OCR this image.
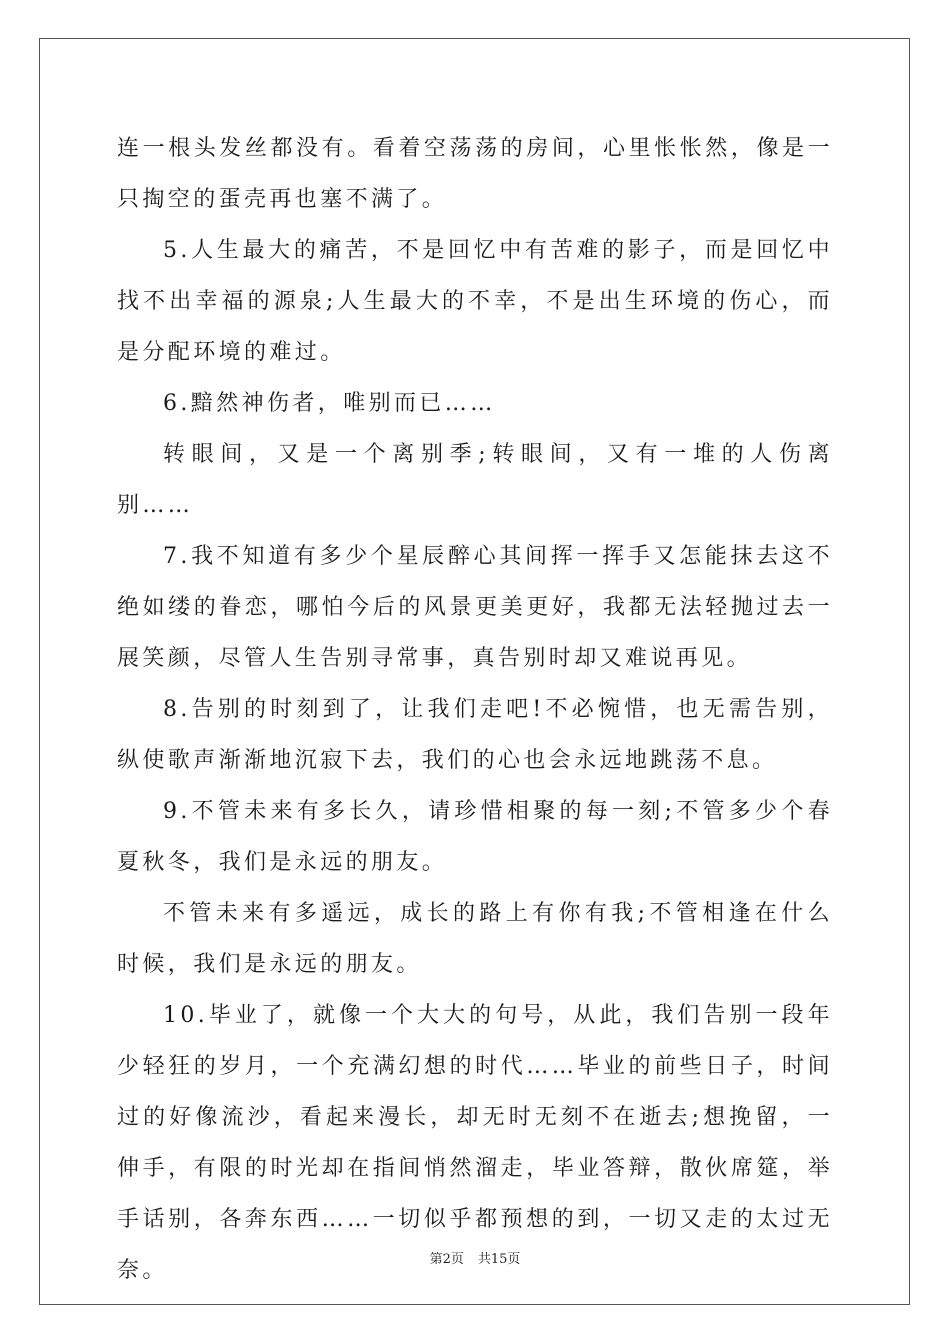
连一根头发丝都没有。看着空荡荡的房间，心里怅怅然，像是一只掏空的蛋壳再也塞不满了。

5.人生最大的痛苦，不是回忆中有苦难的影子，而是回忆中找不出幸福的源泉;人生最大的不幸，不是出生环境的伤心，而是分配环境的难过。

6.黯然神伤者，唯别而已……

转眼间，又是一个离别季;转眼间，又有一堆的人伤离别……

7.我不知道有多少个星辰醉心其间挥一挥手又怎能抹去这不绝如缕的眷恋，哪怕今后的风景更美更好，我都无法轻抛过去一展笑颜，尽管人生告别寻常事，真告别时却又难说再见。

8.告别的时刻到了，让我们走吧!不必惋惜，也无需告别，纵使歌声渐渐地沉寂下去，我们的心也会永远地跳荡不息。

9.不管未来有多长久，请珍惜相聚的每一刻;不管多少个春夏秋冬，我们是永远的朋友。

不管未来有多遥远，成长的路上有你有我;不管相逢在什么时候，我们是永远的朋友。

10.毕业了，就像一个大大的句号，从此，我们告别一段年少轻狂的岁月，一个充满幻想的时代……毕业的前些日子，时间过的好像流沙，看起来漫长，却无时无刻不在逝去;想挽留，一伸手，有限的时光却在指间悄然溜走，毕业答辩，散伙席筵，举手话别，各奔东西……一切似乎都预想的到，一切又走的太过无奈。	第2页 共15页
